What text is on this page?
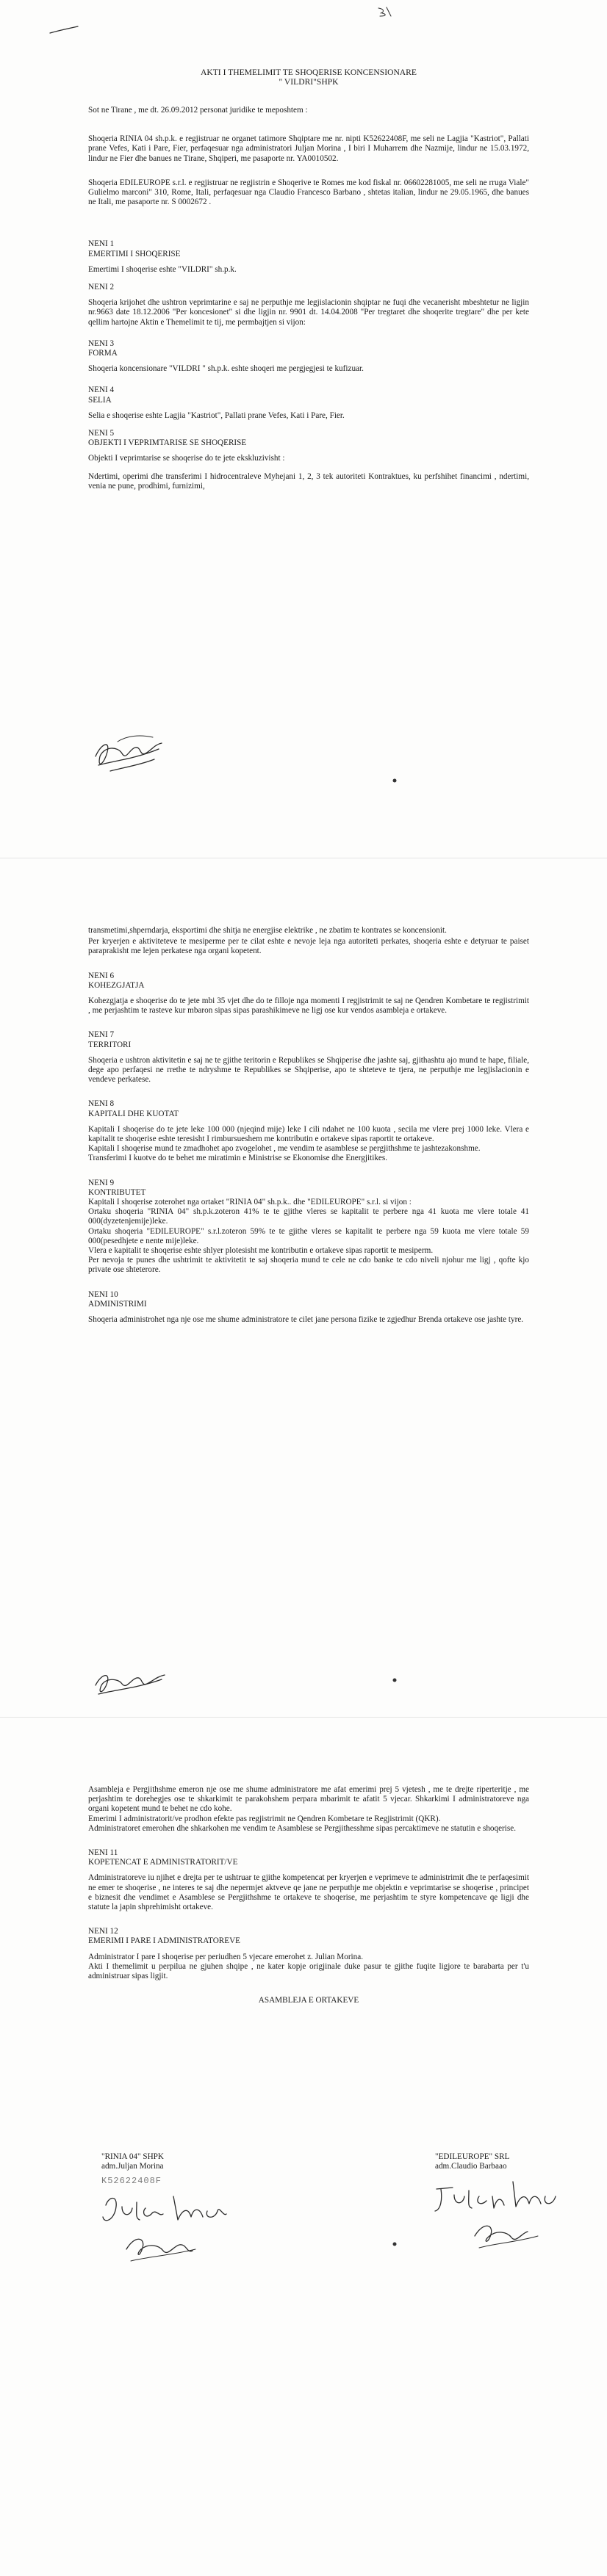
AKTI I THEMELIMIT TE SHOQERISE KONCENSIONARE
" VILDRI"SHPK

Sot ne Tirane , me dt. 26.09.2012 personat juridike te meposhtem :

Shoqeria RINIA 04 sh.p.k. e regjistruar ne organet tatimore Shqiptare me nr. nipti K52622408F, me seli ne Lagjia "Kastriot", Pallati prane Vefes, Kati i Pare, Fier, perfaqesuar nga administratori Juljan Morina , I biri I Muharrem dhe Nazmije, lindur ne 15.03.1972, lindur ne Fier dhe banues ne Tirane, Shqiperi, me pasaporte nr. YA0010502.

Shoqeria EDILEUROPE s.r.l. e regjistruar ne regjistrin e Shoqerive te Romes me kod fiskal nr. 06602281005, me seli ne rruga Viale" Gulielmo marconi" 310, Rome, Itali, perfaqesuar nga Claudio Francesco Barbano , shtetas italian, lindur ne 29.05.1965, dhe banues ne Itali, me pasaporte nr. S 0002672 .

NENI 1
EMERTIMI I SHOQERISE

Emertimi I shoqerise eshte "VILDRI" sh.p.k.

NENI 2

Shoqeria krijohet dhe ushtron veprimtarine e saj ne perputhje me legjislacionin shqiptar ne fuqi dhe vecanerisht mbeshtetur ne ligjin nr.9663 date 18.12.2006 "Per koncesionet" si dhe ligjin nr. 9901 dt. 14.04.2008 "Per tregtaret dhe shoqerite tregtare" dhe per kete qellim hartojne Aktin e Themelimit te tij, me permbajtjen si vijon:

NENI 3
FORMA

Shoqeria koncensionare "VILDRI " sh.p.k. eshte shoqeri me pergjegjesi te kufizuar.

NENI 4
SELIA

Selia e shoqerise eshte Lagjia "Kastriot", Pallati prane Vefes, Kati i Pare, Fier.

NENI 5
OBJEKTI I VEPRIMTARISE SE SHOQERISE

Objekti I veprimtarise se shoqerise do te jete ekskluzivisht :

Ndertimi, operimi dhe transferimi I hidrocentraleve Myhejani 1, 2, 3 tek autoriteti Kontraktues, ku perfshihet financimi , ndertimi, venia ne pune, prodhimi, furnizimi,

transmetimi,shperndarja, eksportimi dhe shitja ne energjise elektrike , ne zbatim te kontrates se koncensionit.

Per kryerjen e aktiviteteve te mesiperme per te cilat eshte e nevoje leja nga autoriteti perkates, shoqeria eshte e detyruar te paiset paraprakisht me lejen perkatese nga organi kopetent.

NENI 6
KOHEZGJATJA

Kohezgjatja e shoqerise do te jete mbi 35 vjet dhe do te filloje nga momenti I regjistrimit te saj ne Qendren Kombetare te regjistrimit , me perjashtim te rasteve kur mbaron sipas sipas parashikimeve ne ligj ose kur vendos asambleja e ortakeve.

NENI 7
TERRITORI

Shoqeria e ushtron aktivitetin e saj ne te gjithe teritorin e Republikes se Shqiperise dhe jashte saj, gjithashtu ajo mund te hape, filiale, dege apo perfaqesi ne rrethe te ndryshme te Republikes se Shqiperise, apo te shteteve te tjera, ne perputhje me legjislacionin e vendeve perkatese.

NENI 8
KAPITALI DHE KUOTAT

Kapitali I shoqerise do te jete leke 100 000 (njeqind mije) leke I cili ndahet ne 100 kuota , secila me vlere prej 1000 leke. Vlera e kapitalit te shoqerise eshte teresisht I rimbursueshem me kontributin e ortakeve sipas raportit te ortakeve.

Kapitali I shoqerise mund te zmadhohet apo zvogelohet , me vendim te asamblese se pergjithshme te jashtezakonshme.

Transferimi I kuotve do te behet me miratimin e Ministrise se Ekonomise dhe Energjitikes.

NENI 9
KONTRIBUTET

Kapitali I shoqerise zoterohet nga ortaket "RINIA 04" sh.p.k.. dhe "EDILEUROPE" s.r.l. si vijon :

Ortaku shoqeria "RINIA 04" sh.p.k.zoteron 41% te te gjithe vleres se kapitalit te perbere nga 41 kuota me vlere totale 41 000(dyzetenjemije)leke.

Ortaku shoqeria "EDILEUROPE" s.r.l.zoteron 59% te te gjithe vleres se kapitalit te perbere nga 59 kuota me vlere totale 59 000(pesedhjete e nente mije)leke.

Vlera e kapitalit te shoqerise eshte shlyer plotesisht me kontributin e ortakeve sipas raportit te mesiperm.

Per nevoja te punes dhe ushtrimit te aktivitetit te saj shoqeria mund te cele ne cdo banke te cdo niveli njohur me ligj , qofte kjo private ose shteterore.

NENI 10
ADMINISTRIMI

Shoqeria administrohet nga nje ose me shume administratore te cilet jane persona fizike te zgjedhur Brenda ortakeve ose jashte tyre.

Asambleja e Pergjithshme emeron nje ose me shume administratore me afat emerimi prej 5 vjetesh , me te drejte riperteritje , me perjashtim te dorehegjes ose te shkarkimit te parakohshem perpara mbarimit te afatit 5 vjecar. Shkarkimi I administratoreve nga organi kopetent mund te behet ne cdo kohe.

Emerimi I administratorit/ve prodhon efekte pas regjistrimit ne Qendren Kombetare te Regjistrimit (QKR).

Administratoret emerohen dhe shkarkohen me vendim te Asamblese se Pergjithesshme sipas percaktimeve ne statutin e shoqerise.

NENI 11
KOPETENCAT E ADMINISTRATORIT/VE

Administratoreve iu njihet e drejta per te ushtruar te gjithe kompetencat per kryerjen e veprimeve te administrimit dhe te perfaqesimit ne emer te shoqerise , ne interes te saj dhe nepermjet aktveve qe jane ne perputhje me objektin e veprimtarise se shoqerise , principet e biznesit dhe vendimet e Asamblese se Pergjithshme te ortakeve te shoqerise, me perjashtim te styre kompetencave qe ligji dhe statute la japin shprehimisht ortakeve.

NENI 12
EMERIMI I PARE I ADMINISTRATOREVE

Administrator I pare I shoqerise per periudhen 5 vjecare emerohet z. Julian Morina.

Akti I themelimit u perpilua ne gjuhen shqipe , ne kater kopje origjinale duke pasur te gjithe fuqite ligjore te barabarta per t'u administruar sipas ligjit.

ASAMBLEJA E ORTAKEVE

"RINIA 04" SHPK
adm.Juljan Morina
K52622408F
"EDILEUROPE" SRL
adm.Claudio Barbaao
